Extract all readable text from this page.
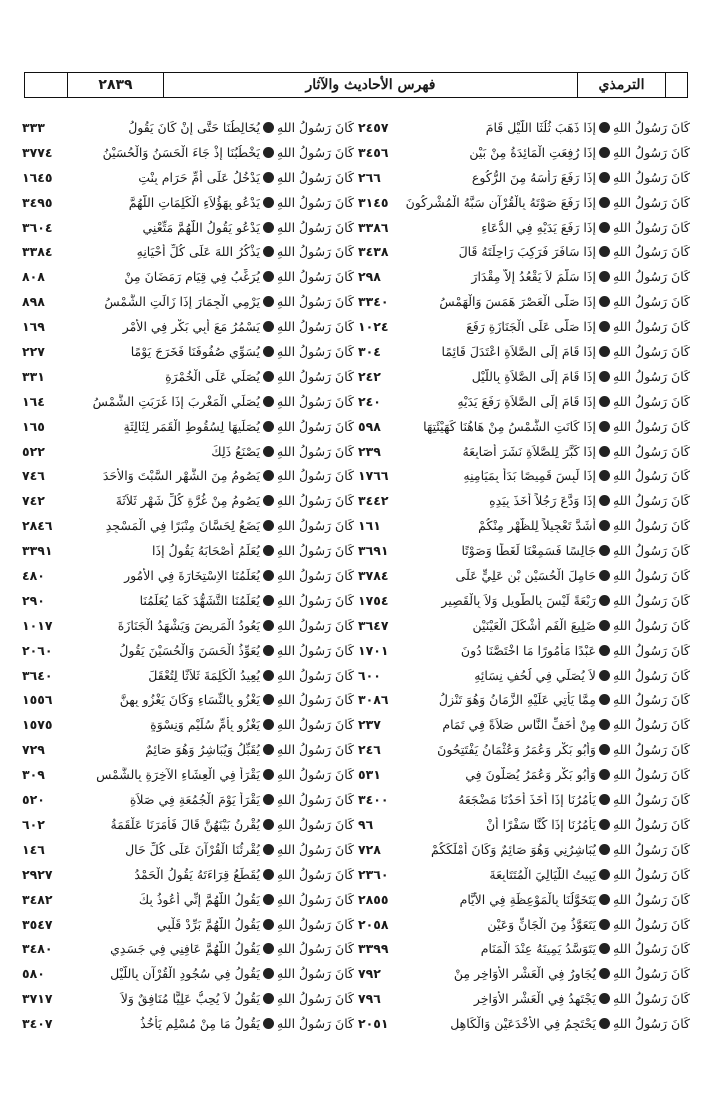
الترمذي
فهرس الأحاديث والآثار
٢٨٣٩
كَانَ رَسُولُ اللهِإِذَا ذَهَبَ ثُلُثَا اللَّيْلِ قَامَ
٢٤٥٧
كَانَ رَسُولُ اللهِإِذَا رُفِعَتِ الْمَائِدَةُ مِنْ بَيْنِ
٣٤٥٦
كَانَ رَسُولُ اللهِإِذَا رَفَعَ رَأْسَهُ مِنَ الرُّكُوعِ
٢٦٦
كَانَ رَسُولُ اللهِإِذَا رَفَعَ صَوْتَهُ بِالْقُرْآنِ سَبَّهُ الْمُشْرِكُونَ
٣١٤٥
كَانَ رَسُولُ اللهِإِذَا رَفَعَ يَدَيْهِ فِي الدُّعَاءِ
٣٣٨٦
كَانَ رَسُولُ اللهِإِذَا سَافَرَ فَرَكِبَ رَاحِلَتَهُ قَالَ
٣٤٣٨
كَانَ رَسُولُ اللهِإِذَا سَلَّمَ لاَ يَقْعُدُ إِلاَّ مِقْدَارَ
٢٩٨
كَانَ رَسُولُ اللهِإِذَا صَلَّى الْعَصْرَ هَمَسَ وَالْهَمْسُ
٣٣٤٠
كَانَ رَسُولُ اللهِإِذَا صَلَّى عَلَى الْجَنَازَةِ رَفَعَ
١٠٢٤
كَانَ رَسُولُ اللهِإِذَا قَامَ إِلَى الصَّلاَةِ اعْتَدَلَ قَائِمًا
٣٠٤
كَانَ رَسُولُ اللهِإِذَا قَامَ إِلَى الصَّلاَةِ بِاللَّيْلِ
٢٤٢
كَانَ رَسُولُ اللهِإِذَا قَامَ إِلَى الصَّلاَةِ رَفَعَ يَدَيْهِ
٢٤٠
كَانَ رَسُولُ اللهِإِذَا كَانَتِ الشَّمْسُ مِنْ هَاهُنَا كَهَيْئَتِهَا
٥٩٨
كَانَ رَسُولُ اللهِإِذَا كَبَّرَ لِلصَّلاَةِ نَشَرَ أَصَابِعَهُ
٢٣٩
كَانَ رَسُولُ اللهِإِذَا لَبِسَ قَمِيصًا بَدَأَ بِمَيَامِنِهِ
١٧٦٦
كَانَ رَسُولُ اللهِإِذَا وَدَّعَ رَجُلاً أَخَذَ بِيَدِهِ
٣٤٤٢
كَانَ رَسُولُ اللهِأَشَدَّ تَعْجِيلاً لِلظُّهْرِ مِنْكُمْ
١٦١
كَانَ رَسُولُ اللهِجَالِسًا فَسَمِعْنَا لَغَطًا وَصَوْتًا
٣٦٩١
كَانَ رَسُولُ اللهِحَامِلَ الْحُسَيْنِ بْنِ عَلِيٍّ عَلَى
٣٧٨٤
كَانَ رَسُولُ اللهِرَبْعَةً لَيْسَ بِالطَّوِيلِ وَلاَ بِالْقَصِيرِ
١٧٥٤
كَانَ رَسُولُ اللهِضَلِيعَ الْفَمِ أَشْكَلَ الْعَيْنَيْنِ
٣٦٤٧
كَانَ رَسُولُ اللهِعَبْدًا مَأْمُورًا مَا اخْتَصَّنَا دُونَ
١٧٠١
كَانَ رَسُولُ اللهِلاَ يُصَلِّي فِي لُحُفِ نِسَائِهِ
٦٠٠
كَانَ رَسُولُ اللهِمِمَّا يَأْتِي عَلَيْهِ الزَّمَانُ وَهُوَ تَنْزِلُ
٣٠٨٦
كَانَ رَسُولُ اللهِمِنْ أَخَفِّ النَّاسِ صَلاَةً فِي تَمَامٍ
٢٣٧
كَانَ رَسُولُ اللهِوَأَبُو بَكْرٍ وَعُمَرُ وَعُثْمَانُ يَفْتَتِحُونَ
٢٤٦
كَانَ رَسُولُ اللهِوَأَبُو بَكْرٍ وَعُمَرُ يُصَلُّونَ فِي
٥٣١
كَانَ رَسُولُ اللهِيَأْمُرُنَا إِذَا أَخَذَ أَحَدُنَا مَضْجَعَهُ
٣٤٠٠
كَانَ رَسُولُ اللهِيَأْمُرُنَا إِذَا كُنَّا سَفْرًا أَنْ
٩٦
كَانَ رَسُولُ اللهِيُبَاشِرُنِي وَهُوَ صَائِمٌ وَكَانَ أَمْلَكَكُمْ
٧٢٨
كَانَ رَسُولُ اللهِيَبِيتُ اللَّيَالِيَ الْمُتَتَابِعَةَ
٢٣٦٠
كَانَ رَسُولُ اللهِيَتَخَوَّلُنَا بِالْمَوْعِظَةِ فِي الأَيَّامِ
٢٨٥٥
كَانَ رَسُولُ اللهِيَتَعَوَّذُ مِنَ الْجَانِّ وَعَيْنِ
٢٠٥٨
كَانَ رَسُولُ اللهِيَتَوَسَّدُ يَمِينَهُ عِنْدَ الْمَنَامِ
٣٣٩٩
كَانَ رَسُولُ اللهِيُجَاوِرُ فِي الْعَشْرِ الأَوَاخِرِ مِنْ
٧٩٢
كَانَ رَسُولُ اللهِيَجْتَهِدُ فِي الْعَشْرِ الأَوَاخِرِ
٧٩٦
كَانَ رَسُولُ اللهِيَحْتَجِمُ فِي الأَخْدَعَيْنِ وَالْكَاهِلِ
٢٠٥١
كَانَ رَسُولُ اللهِيُخَالِطُنَا حَتَّى إِنْ كَانَ يَقُولُ
٣٣٣
كَانَ رَسُولُ اللهِيَخْطُبُنَا إِذْ جَاءَ الْحَسَنُ وَالْحُسَيْنُ
٣٧٧٤
كَانَ رَسُولُ اللهِيَدْخُلُ عَلَى أُمِّ حَرَامٍ بِنْتِ
١٦٤٥
كَانَ رَسُولُ اللهِيَدْعُو بِهَؤُلاَءِ الْكَلِمَاتِ اللَّهُمَّ
٣٤٩٥
كَانَ رَسُولُ اللهِيَدْعُو يَقُولُ اللَّهُمَّ مَتِّعْنِي
٣٦٠٤
كَانَ رَسُولُ اللهِيَذْكُرُ اللهَ عَلَى كُلِّ أَحْيَانِهِ
٣٣٨٤
كَانَ رَسُولُ اللهِيُرَغِّبُ فِي قِيَامِ رَمَضَانَ مِنْ
٨٠٨
كَانَ رَسُولُ اللهِيَرْمِي الْجِمَارَ إِذَا زَالَتِ الشَّمْسُ
٨٩٨
كَانَ رَسُولُ اللهِيَسْمُرُ مَعَ أَبِي بَكْرٍ فِي الأَمْرِ
١٦٩
كَانَ رَسُولُ اللهِيُسَوِّي صُفُوفَنَا فَخَرَجَ يَوْمًا
٢٢٧
كَانَ رَسُولُ اللهِيُصَلِّي عَلَى الْخُمْرَةِ
٣٣١
كَانَ رَسُولُ اللهِيُصَلِّي الْمَغْرِبَ إِذَا غَرَبَتِ الشَّمْسُ
١٦٤
كَانَ رَسُولُ اللهِيُصَلِّيهَا لِسُقُوطِ الْقَمَرِ لِثَالِثَةٍ
١٦٥
كَانَ رَسُولُ اللهِيَصْنَعُ ذَلِكَ
٥٢٢
كَانَ رَسُولُ اللهِيَصُومُ مِنَ الشَّهْرِ السَّبْتَ وَالأَحَدَ
٧٤٦
كَانَ رَسُولُ اللهِيَصُومُ مِنْ غُرَّةِ كُلِّ شَهْرٍ ثَلاَثَةَ
٧٤٢
كَانَ رَسُولُ اللهِيَضَعُ لِحَسَّانَ مِنْبَرًا فِي الْمَسْجِدِ
٢٨٤٦
كَانَ رَسُولُ اللهِيُعَلِّمُ أَصْحَابَهُ يَقُولُ إِذَا
٣٣٩١
كَانَ رَسُولُ اللهِيُعَلِّمُنَا الاِسْتِخَارَةَ فِي الأُمُورِ
٤٨٠
كَانَ رَسُولُ اللهِيُعَلِّمُنَا التَّشَهُّدَ كَمَا يُعَلِّمُنَا
٢٩٠
كَانَ رَسُولُ اللهِيَعُودُ الْمَرِيضَ وَيَشْهَدُ الْجَنَازَةَ
١٠١٧
كَانَ رَسُولُ اللهِيُعَوِّذُ الْحَسَنَ وَالْحُسَيْنَ يَقُولُ
٢٠٦٠
كَانَ رَسُولُ اللهِيُعِيدُ الْكَلِمَةَ ثَلاَثًا لِتُعْقَلَ
٣٦٤٠
كَانَ رَسُولُ اللهِيَغْزُو بِالنِّسَاءِ وَكَانَ يَغْزُو بِهِنَّ
١٥٥٦
كَانَ رَسُولُ اللهِيَغْزُو بِأُمِّ سُلَيْمٍ وَنِسْوَةٍ
١٥٧٥
كَانَ رَسُولُ اللهِيُقَبِّلُ وَيُبَاشِرُ وَهُوَ صَائِمٌ
٧٢٩
كَانَ رَسُولُ اللهِيَقْرَأُ فِي الْعِشَاءِ الآخِرَةِ بِالشَّمْسِ
٣٠٩
كَانَ رَسُولُ اللهِيَقْرَأُ يَوْمَ الْجُمُعَةِ فِي صَلاَةِ
٥٢٠
كَانَ رَسُولُ اللهِيُقْرِنُ بَيْنَهُنَّ قَالَ فَأَمَرَنَا عَلْقَمَةُ
٦٠٢
كَانَ رَسُولُ اللهِيُقْرِئُنَا الْقُرْآنَ عَلَى كُلِّ حَالٍ
١٤٦
كَانَ رَسُولُ اللهِيُقَطِّعُ قِرَاءَتَهُ يَقُولُ الْحَمْدُ
٢٩٢٧
كَانَ رَسُولُ اللهِيَقُولُ اللَّهُمَّ إِنِّي أَعُوذُ بِكَ
٣٤٨٢
كَانَ رَسُولُ اللهِيَقُولُ اللَّهُمَّ بَرِّدْ قَلْبِي
٣٥٤٧
كَانَ رَسُولُ اللهِيَقُولُ اللَّهُمَّ عَافِنِي فِي جَسَدِي
٣٤٨٠
كَانَ رَسُولُ اللهِيَقُولُ فِي سُجُودِ الْقُرْآنِ بِاللَّيْلِ
٥٨٠
كَانَ رَسُولُ اللهِيَقُولُ لاَ يُحِبُّ عَلِيًّا مُنَافِقٌ وَلاَ
٣٧١٧
كَانَ رَسُولُ اللهِيَقُولُ مَا مِنْ مُسْلِمٍ يَأْخُذُ
٣٤٠٧
